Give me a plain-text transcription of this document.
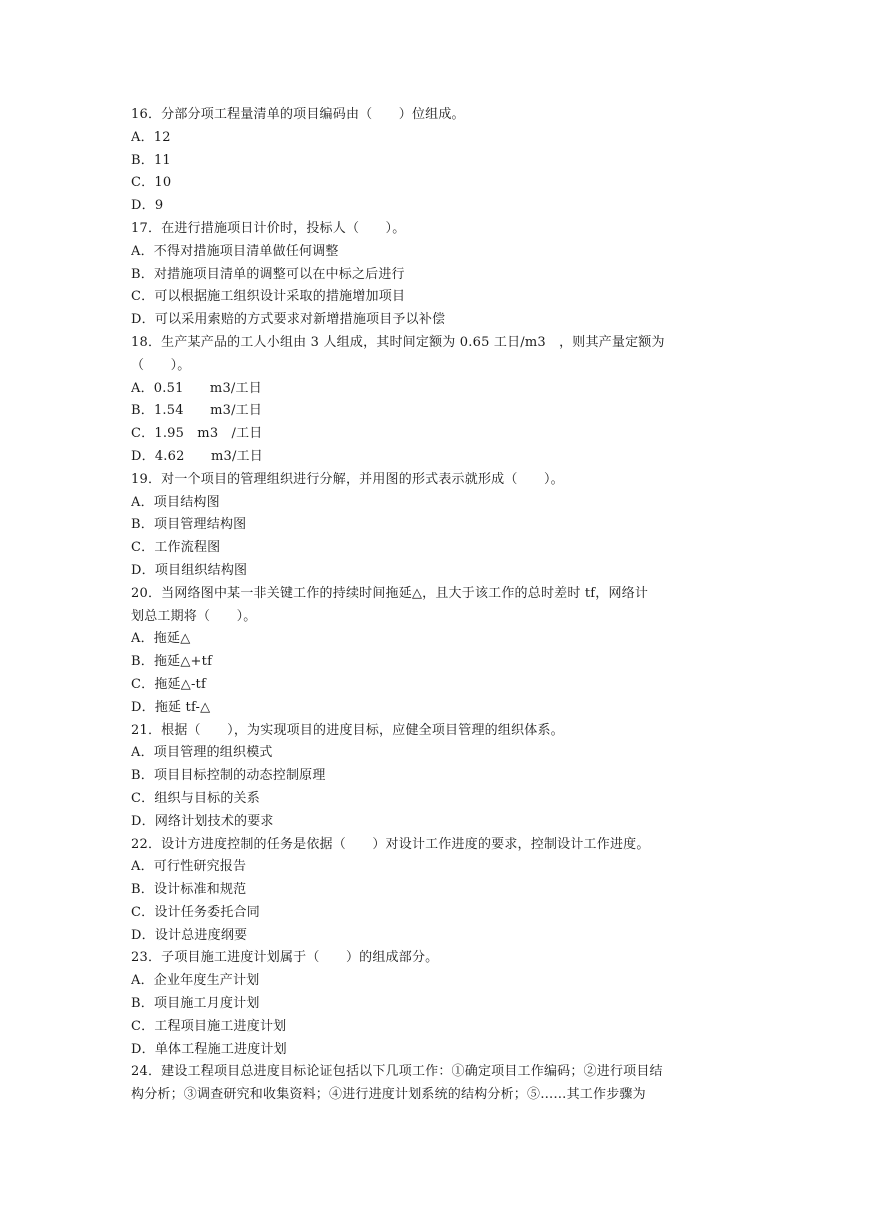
16．分部分项工程量清单的项目编码由（　　）位组成。
A．12
B．11
C．10
D．9
17．在进行措施项日计价时，投标人（　　）。
A．不得对措施项目清单做任何调整
B．对措施项目清单的调整可以在中标之后进行
C．可以根据施工组织设计采取的措施增加项目
D．可以采用索赔的方式要求对新增措施项目予以补偿
18．生产某产品的工人小组由 3 人组成，其时间定额为 0.65 工日/m3　，则其产量定额为
（　　）。
A．0.51　　m3/工日
B．1.54　　m3/工日
C．1.95　m3　/工日
D．4.62　　m3/工日
19．对一个项目的管理组织进行分解，并用图的形式表示就形成（　　）。
A．项目结构图
B．项目管理结构图
C．工作流程图
D．项目组织结构图
20．当网络图中某一非关键工作的持续时间拖延△，且大于该工作的总时差时 tf，网络计
划总工期将（　　）。
A．拖延△
B．拖延△+tf
C．拖延△-tf
D．拖延 tf-△
21．根据（　　），为实现项目的进度目标，应健全项目管理的组织体系。
A．项目管理的组织模式
B．项目目标控制的动态控制原理
C．组织与目标的关系
D．网络计划技术的要求
22．设计方进度控制的任务是依据（　　）对设计工作进度的要求，控制设计工作进度。
A．可行性研究报告
B．设计标准和规范
C．设计任务委托合同
D．设计总进度纲要
23．子项目施工进度计划属于（　　）的组成部分。
A．企业年度生产计划
B．项目施工月度计划
C．工程项目施工进度计划
D．单体工程施工进度计划
24．建设工程项目总进度目标论证包括以下几项工作：①确定项目工作编码；②进行项目结
构分析；③调查研究和收集资料；④进行进度计划系统的结构分析；⑤……其工作步骤为
